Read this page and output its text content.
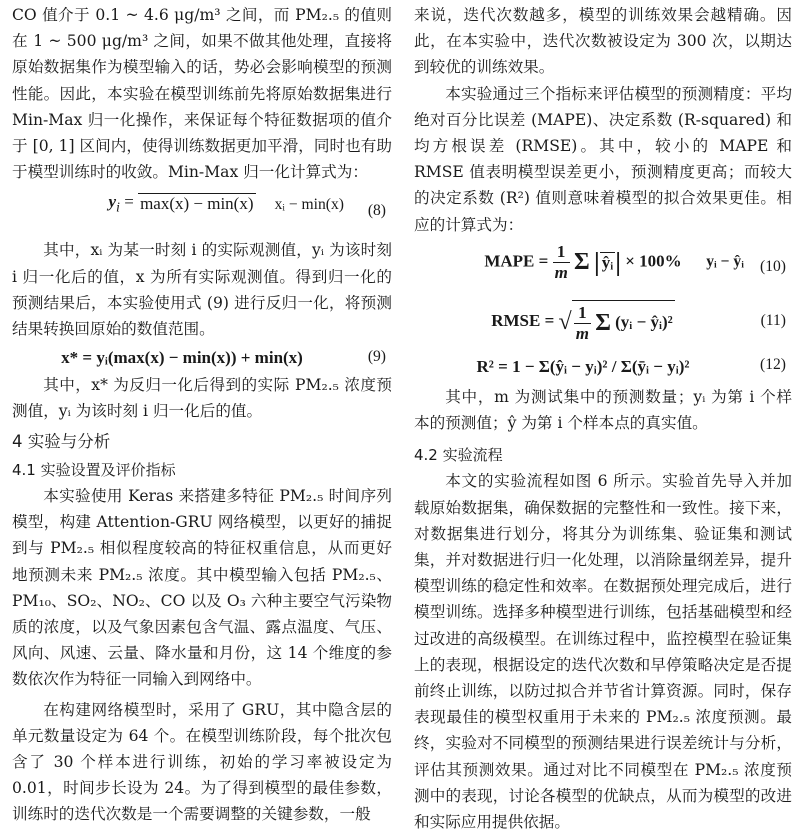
CO 值介于 0.1 ~ 4.6 μg/m³ 之间，而 PM₂.₅ 的值则在 1 ~ 500 μg/m³ 之间，如果不做其他处理，直接将原始数据集作为模型输入的话，势必会影响模型的预测性能。因此，本实验在模型训练前先将原始数据集进行 Min-Max 归一化操作，来保证每个特征数据项的值介于 [0, 1] 区间内，使得训练数据更加平滑，同时也有助于模型训练时的收敛。Min-Max 归一化计算式为：

$y_i$ =	xᵢ − min(x)
max(x) − min(x)	(8)

其中，xᵢ 为某一时刻 i 的实际观测值，yᵢ 为该时刻 i 归一化后的值，x 为所有实际观测值。得到归一化的预测结果后，本实验使用式 (9) 进行反归一化，将预测结果转换回原始的数值范围。

x* = yᵢ(max(x) − min(x)) + min(x)	(9)

其中，x* 为反归一化后得到的实际 PM₂.₅ 浓度预测值，yᵢ 为该时刻 i 归一化后的值。

4 实验与分析
4.1 实验设置及评价指标

本实验使用 Keras 来搭建多特征 PM₂.₅ 时间序列模型，构建 Attention-GRU 网络模型，以更好的捕捉到与 PM₂.₅ 相似程度较高的特征权重信息，从而更好地预测未来 PM₂.₅ 浓度。其中模型输入包括 PM₂.₅、PM₁₀、SO₂、NO₂、CO 以及 O₃ 六种主要空气污染物质的浓度，以及气象因素包含气温、露点温度、气压、风向、风速、云量、降水量和月份，这 14 个维度的参数依次作为特征一同输入到网络中。

在构建网络模型时，采用了 GRU，其中隐含层的单元数量设定为 64 个。在模型训练阶段，每个批次包含了 30 个样本进行训练，初始的学习率被设定为 0.01，时间步长设为 24。为了得到模型的最佳参数，训练时的迭代次数是一个需要调整的关键参数，一般

来说，迭代次数越多，模型的训练效果会越精确。因此，在本实验中，迭代次数被设定为 300 次，以期达到较优的训练效果。

本实验通过三个指标来评估模型的预测精度：平均绝对百分比误差 (MAPE)、决定系数 (R-squared) 和均方根误差 (RMSE)。其中，较小的 MAPE 和 RMSE 值表明模型误差更小，预测精度更高；而较大的决定系数 (R²) 值则意味着模型的拟合效果更佳。相应的计算式为：

MAPE = $\frac{1}{m}$
Σ |	yᵢ − ŷᵢ
ŷᵢ | × 100%	(10)
RMSE = √ $\frac{1}{m}$
Σ (yᵢ − ŷᵢ)²	(11)
R² = 1 − Σ(ŷᵢ − yᵢ)² / Σ(ȳᵢ − yᵢ)²	(12)

其中，m 为测试集中的预测数量；yᵢ 为第 i 个样本的预测值；ŷ 为第 i 个样本点的真实值。

4.2 实验流程

本文的实验流程如图 6 所示。实验首先导入并加载原始数据集，确保数据的完整性和一致性。接下来，对数据集进行划分，将其分为训练集、验证集和测试集，并对数据进行归一化处理，以消除量纲差异，提升模型训练的稳定性和效率。在数据预处理完成后，进行模型训练。选择多种模型进行训练，包括基础模型和经过改进的高级模型。在训练过程中，监控模型在验证集上的表现，根据设定的迭代次数和早停策略决定是否提前终止训练，以防过拟合并节省计算资源。同时，保存表现最佳的模型权重用于未来的 PM₂.₅ 浓度预测。最终，实验对不同模型的预测结果进行误差统计与分析，评估其预测效果。通过对比不同模型在 PM₂.₅ 浓度预测中的表现，讨论各模型的优缺点，从而为模型的改进和实际应用提供依据。
